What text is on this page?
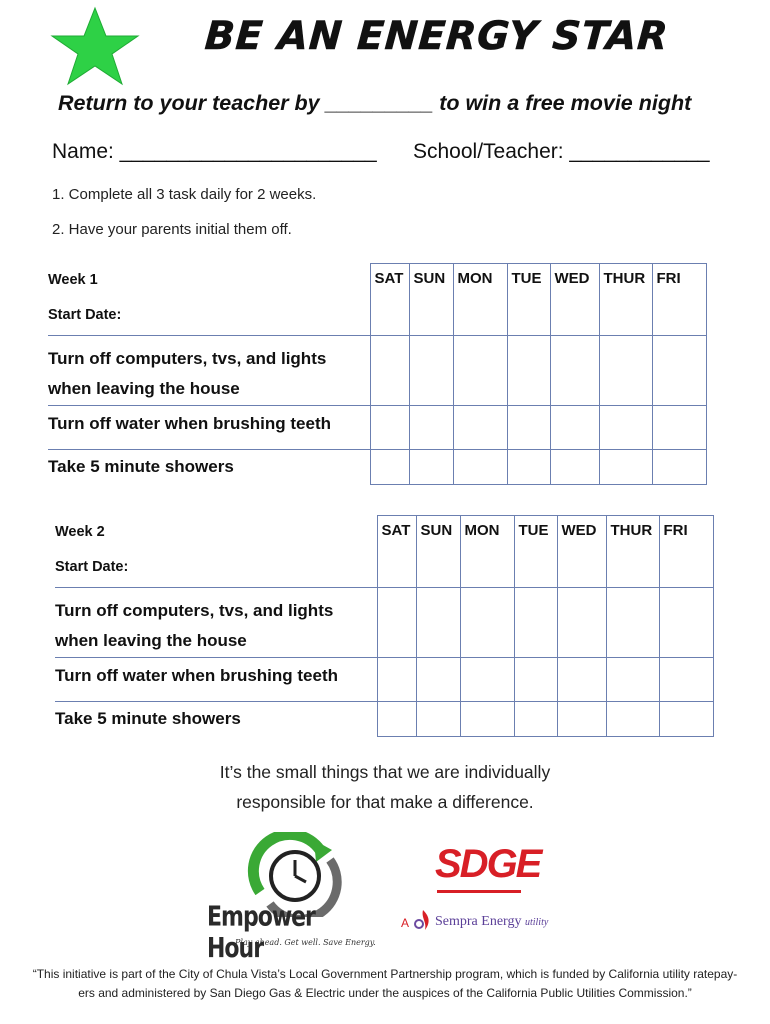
BE AN ENERGY STAR
Return to your teacher by _________ to win a free movie night
Name: ______________________ School/Teacher: ____________
1. Complete all 3 task daily for 2 weeks.
2. Have your parents initial them off.
Week 1
Start Date:	SAT	SUN	MON	TUE	WED	THUR	FRI
Turn off computers, tvs, and lights when leaving the house							
Turn off water when brushing teeth							
Take 5 minute showers							
Week 2
Start Date:	SAT	SUN	MON	TUE	WED	THUR	FRI
Turn off computers, tvs, and lights when leaving the house							
Turn off water when brushing teeth							
Take 5 minute showers							
It’s the small things that we are individually
responsible for that make a difference.
Empower Hour
Play ahead. Get well. Save Energy.
SDGE
A Sempra Energy utility
“This initiative is part of the City of Chula Vista’s Local Government Partnership program, which is funded by California utility ratepay-
ers and administered by San Diego Gas & Electric under the auspices of the California Public Utilities Commission.”
